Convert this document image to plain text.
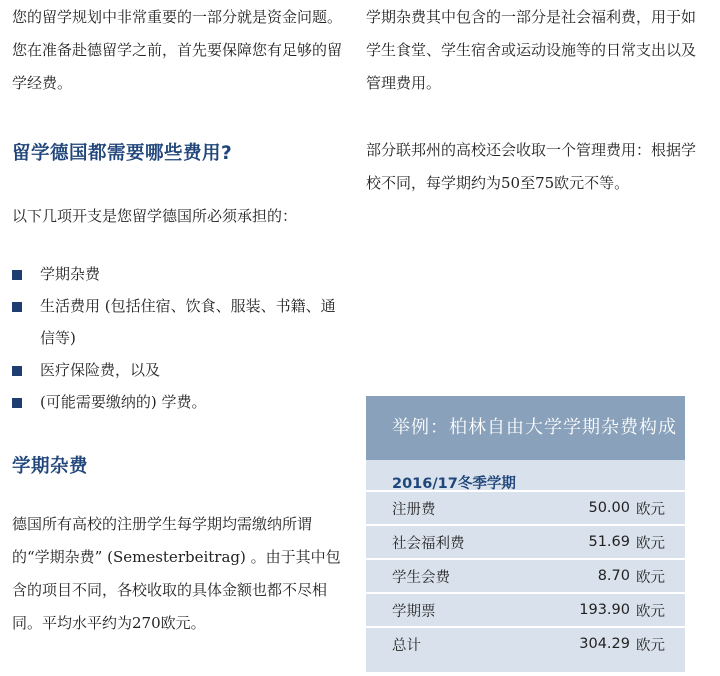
您的留学规划中非常重要的一部分就是资金问题。您在准备赴德留学之前，首先要保障您有足够的留学经费。

留学德国都需要哪些费用?

以下几项开支是您留学德国所必须承担的：

学期杂费
生活费用 (包括住宿、饮食、服装、书籍、通信等)
医疗保险费，以及
(可能需要缴纳的) 学费。
学期杂费

德国所有高校的注册学生每学期均需缴纳所谓的“学期杂费” (Semesterbeitrag) 。由于其中包含的项目不同，各校收取的具体金额也都不尽相同。平均水平约为270欧元。

学期杂费其中包含的一部分是社会福利费，用于如学生食堂、学生宿舍或运动设施等的日常支出以及管理费用。

部分联邦州的高校还会收取一个管理费用：根据学校不同，每学期约为50至75欧元不等。

举例：柏林自由大学学期杂费构成
2016/17冬季学期
注册费	50.00 欧元
社会福利费	51.69 欧元
学生会费	8.70 欧元
学期票	193.90 欧元
总计	304.29 欧元
